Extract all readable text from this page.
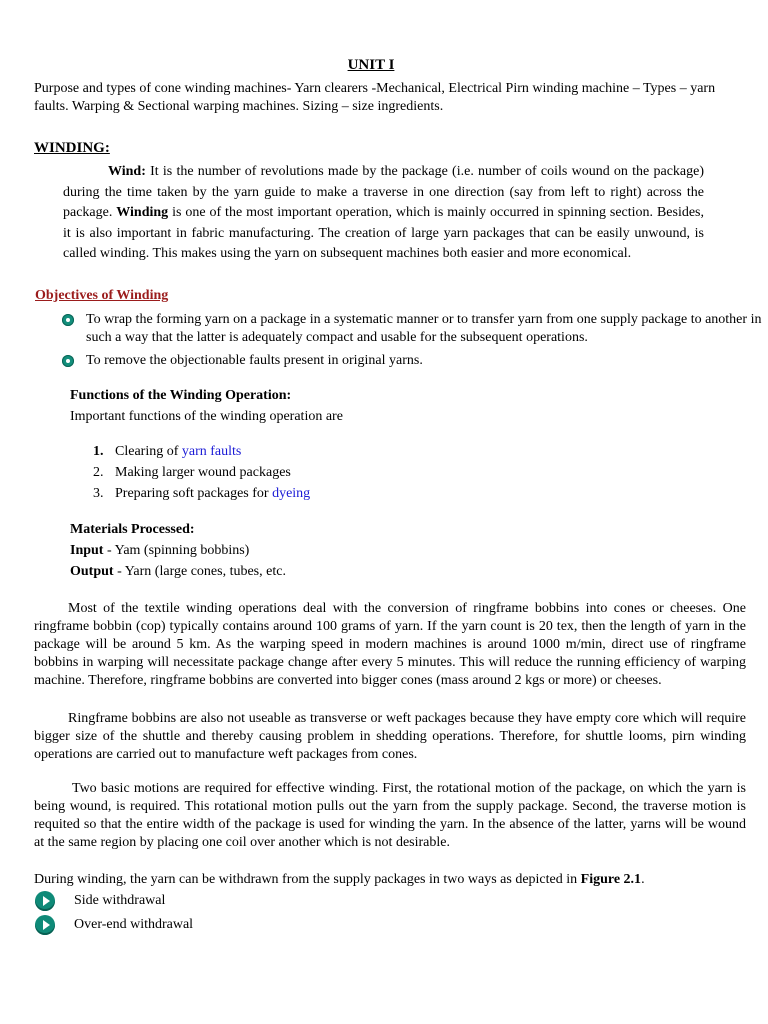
UNIT I
Purpose and types of cone winding machines- Yarn clearers -Mechanical, Electrical Pirn winding machine – Types – yarn faults. Warping & Sectional warping machines. Sizing – size ingredients.
WINDING:
Wind: It is the number of revolutions made by the package (i.e. number of coils wound on the package) during the time taken by the yarn guide to make a traverse in one direction (say from left to right) across the package. Winding is one of the most important operation, which is mainly occurred in spinning section. Besides, it is also important in fabric manufacturing. The creation of large yarn packages that can be easily unwound, is called winding. This makes using the yarn on subsequent machines both easier and more economical.
Objectives of Winding
To wrap the forming yarn on a package in a systematic manner or to transfer yarn from one supply package to another in such a way that the latter is adequately compact and usable for the subsequent operations.
To remove the objectionable faults present in original yarns.
Functions of the Winding Operation:
Important functions of the winding operation are
1. Clearing of yarn faults
2. Making larger wound packages
3. Preparing soft packages for dyeing
Materials Processed:
Input - Yam (spinning bobbins)
Output - Yarn (large cones, tubes, etc.
Most of the textile winding operations deal with the conversion of ringframe bobbins into cones or cheeses. One ringframe bobbin (cop) typically contains around 100 grams of yarn. If the yarn count is 20 tex, then the length of yarn in the package will be around 5 km. As the warping speed in modern machines is around 1000 m/min, direct use of ringframe bobbins in warping will necessitate package change after every 5 minutes. This will reduce the running efficiency of warping machine. Therefore, ringframe bobbins are converted into bigger cones (mass around 2 kgs or more) or cheeses.
Ringframe bobbins are also not useable as transverse or weft packages because they have empty core which will require bigger size of the shuttle and thereby causing problem in shedding operations. Therefore, for shuttle looms, pirn winding operations are carried out to manufacture weft packages from cones.
Two basic motions are required for effective winding. First, the rotational motion of the package, on which the yarn is being wound, is required. This rotational motion pulls out the yarn from the supply package. Second, the traverse motion is requited so that the entire width of the package is used for winding the yarn. In the absence of the latter, yarns will be wound at the same region by placing one coil over another which is not desirable.
During winding, the yarn can be withdrawn from the supply packages in two ways as depicted in Figure 2.1.
Side withdrawal
Over-end withdrawal
